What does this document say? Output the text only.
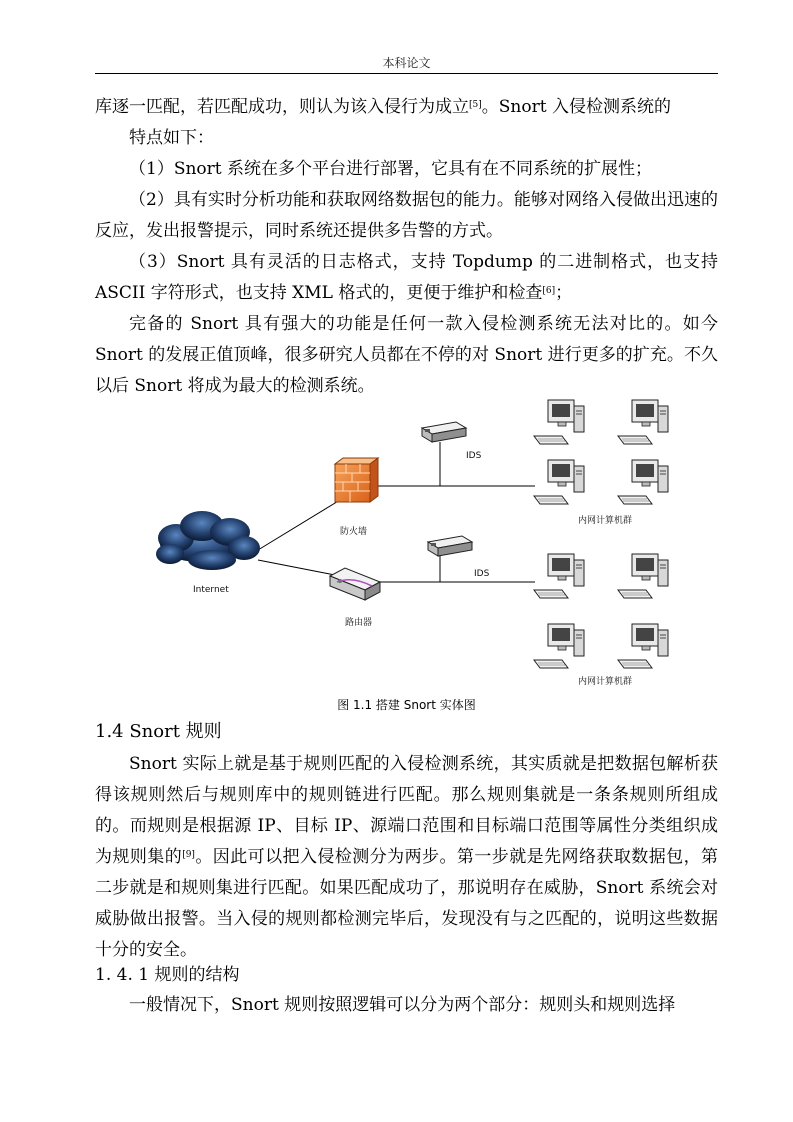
本科论文
库逐一匹配，若匹配成功，则认为该入侵行为成立[5]。Snort 入侵检测系统的
特点如下：
（1）Snort 系统在多个平台进行部署，它具有在不同系统的扩展性；
（2）具有实时分析功能和获取网络数据包的能力。能够对网络入侵做出迅速的反应，发出报警提示，同时系统还提供多告警的方式。
（3）Snort 具有灵活的日志格式，支持 Topdump 的二进制格式，也支持 ASCII 字符形式，也支持 XML 格式的，更便于维护和检查[6]；
完备的 Snort 具有强大的功能是任何一款入侵检测系统无法对比的。如今 Snort 的发展正值顶峰，很多研究人员都在不停的对 Snort 进行更多的扩充。不久以后 Snort 将成为最大的检测系统。
Internet
防火墙
路由器
IDS
IDS
内网计算机群
内网计算机群
图 1.1 搭建 Snort 实体图
1.4 Snort 规则
Snort 实际上就是基于规则匹配的入侵检测系统，其实质就是把数据包解析获得该规则然后与规则库中的规则链进行匹配。那么规则集就是一条条规则所组成的。而规则是根据源 IP、目标 IP、源端口范围和目标端口范围等属性分类组织成为规则集的[9]。因此可以把入侵检测分为两步。第一步就是先网络获取数据包，第二步就是和规则集进行匹配。如果匹配成功了，那说明存在威胁，Snort 系统会对威胁做出报警。当入侵的规则都检测完毕后，发现没有与之匹配的，说明这些数据十分的安全。
1. 4. 1 规则的结构
一般情况下，Snort 规则按照逻辑可以分为两个部分：规则头和规则选择
